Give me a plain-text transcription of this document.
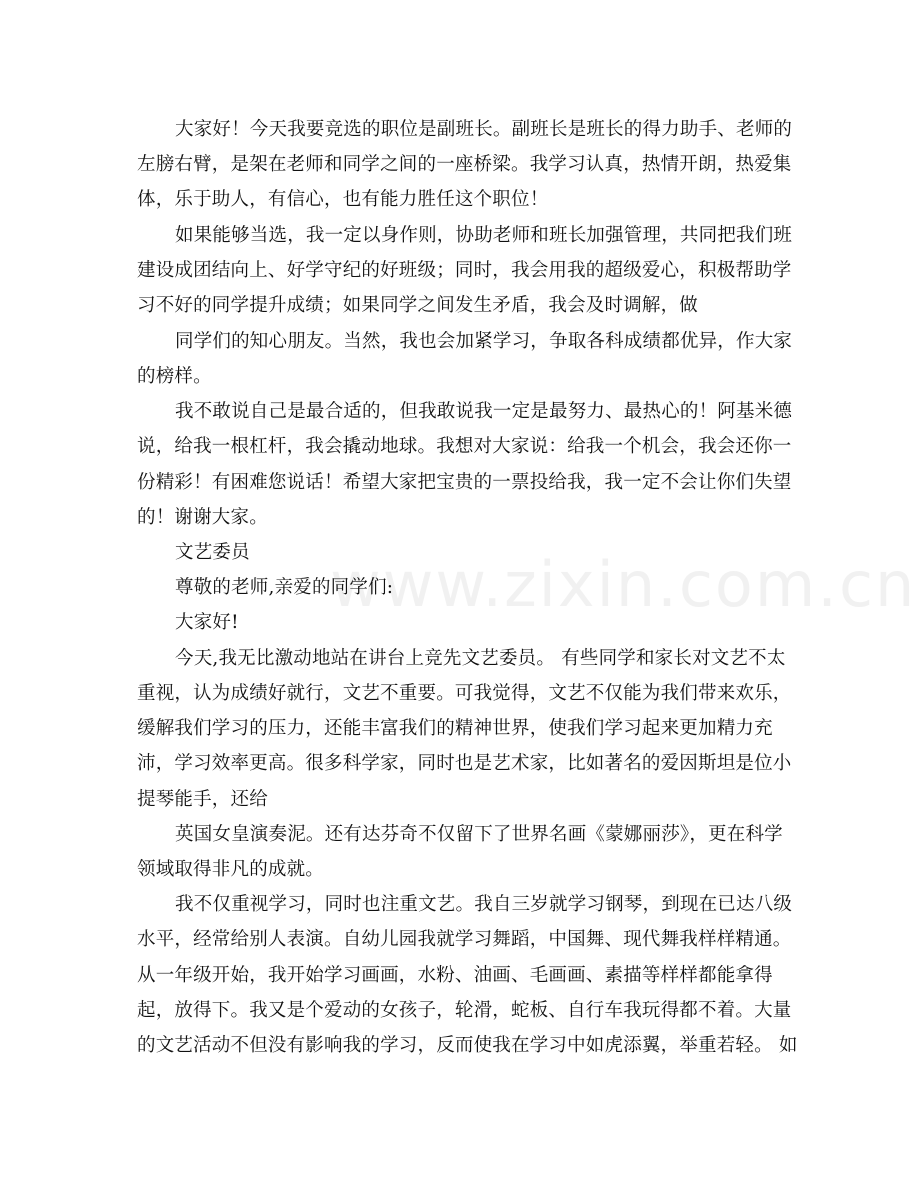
www.zixin.com.cn
大家好！今天我要竞选的职位是副班长。副班长是班长的得力助手、老师的
左膀右臂，是架在老师和同学之间的一座桥梁。我学习认真，热情开朗，热爱集
体，乐于助人，有信心，也有能力胜任这个职位！
如果能够当选，我一定以身作则，协助老师和班长加强管理，共同把我们班
建设成团结向上、好学守纪的好班级；同时，我会用我的超级爱心，积极帮助学
习不好的同学提升成绩；如果同学之间发生矛盾，我会及时调解，做
同学们的知心朋友。当然，我也会加紧学习，争取各科成绩都优异，作大家
的榜样。
我不敢说自己是最合适的，但我敢说我一定是最努力、最热心的！阿基米德
说，给我一根杠杆，我会撬动地球。我想对大家说：给我一个机会，我会还你一
份精彩！有困难您说话！希望大家把宝贵的一票投给我，我一定不会让你们失望
的！谢谢大家。
文艺委员
尊敬的老师,亲爱的同学们:
大家好!
今天,我无比激动地站在讲台上竞先文艺委员。 有些同学和家长对文艺不太
重视，认为成绩好就行，文艺不重要。可我觉得，文艺不仅能为我们带来欢乐，
缓解我们学习的压力，还能丰富我们的精神世界，使我们学习起来更加精力充
沛，学习效率更高。很多科学家，同时也是艺术家，比如著名的爱因斯坦是位小
提琴能手，还给
英国女皇演奏泥。还有达芬奇不仅留下了世界名画《蒙娜丽莎》，更在科学
领域取得非凡的成就。
我不仅重视学习，同时也注重文艺。我自三岁就学习钢琴，到现在已达八级
水平，经常给别人表演。自幼儿园我就学习舞蹈，中国舞、现代舞我样样精通。
从一年级开始，我开始学习画画，水粉、油画、毛画画、素描等样样都能拿得
起，放得下。我又是个爱动的女孩子，轮滑，蛇板、自行车我玩得都不着。大量
的文艺活动不但没有影响我的学习，反而使我在学习中如虎添翼，举重若轻。 如
